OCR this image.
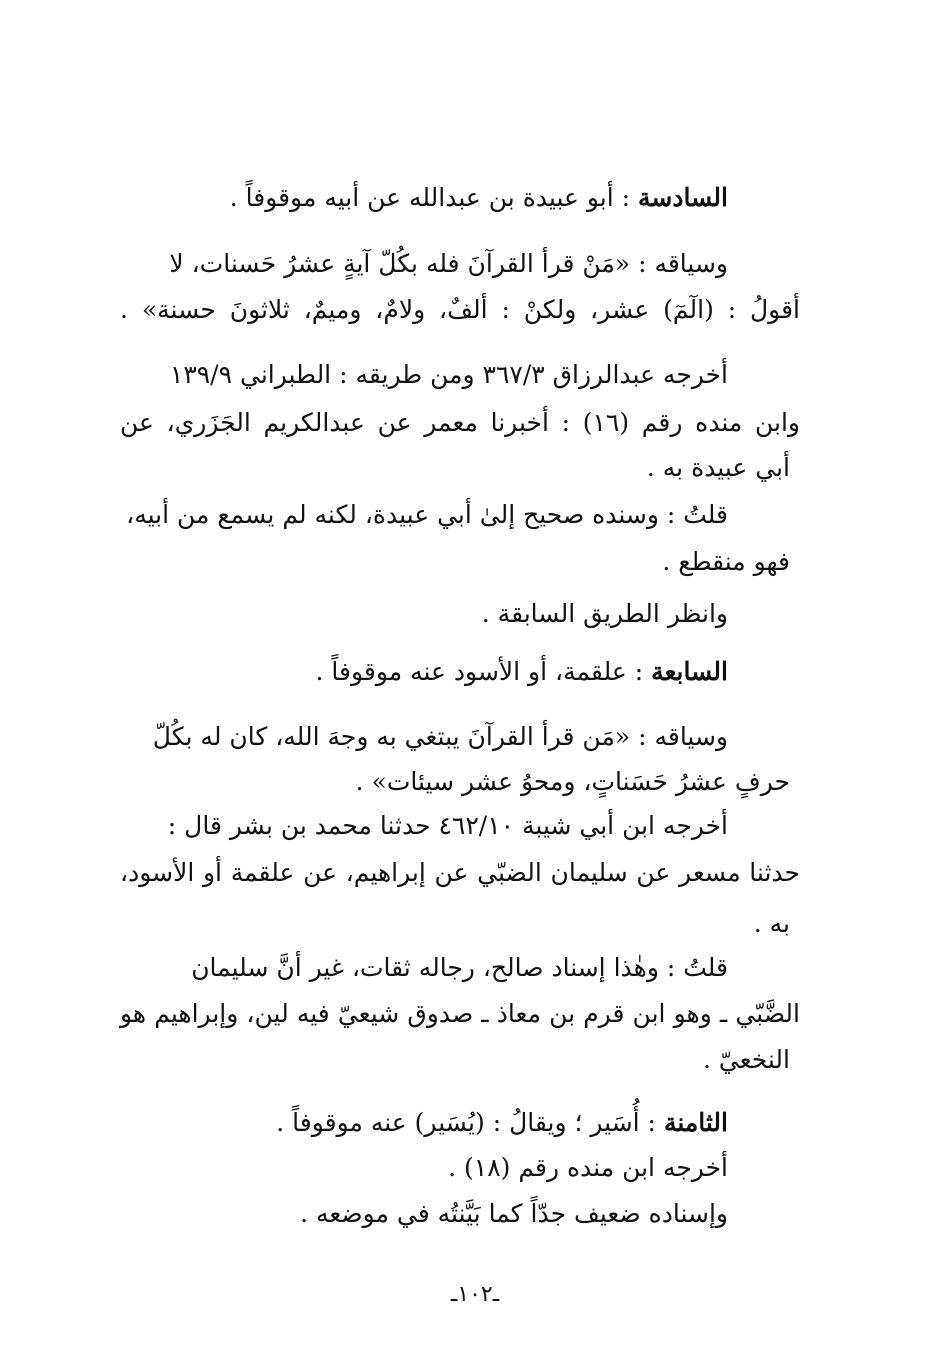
السادسة : أبو عبيدة بن عبدالله عن أبيه موقوفاً .
وسياقه : «مَنْ قرأ القرآنَ فله بكُلّ آيةٍ عشرُ حَسنات، لا
أقولُ : (الٓمٓ) عشر، ولكنْ : ألفٌ، ولامٌ، وميمٌ، ثلاثونَ حسنة» .
أخرجه عبدالرزاق ٣٦٧/٣ ومن طريقه : الطبراني ١٣٩/٩
وابن منده رقم (١٦) : أخبرنا معمر عن عبدالكريم الجَزَري، عن
أبي عبيدة به .
قلتُ : وسنده صحيح إلىٰ أبي عبيدة، لكنه لم يسمع من أبيه،
فهو منقطع .
وانظر الطريق السابقة .
السابعة : علقمة، أو الأسود عنه موقوفاً .
وسياقه : «مَن قرأ القرآنَ يبتغي به وجهَ الله، كان له بكُلّ
حرفٍ عشرُ حَسَناتٍ، ومحوُ عشر سيئات» .
أخرجه ابن أبي شيبة ٤٦٢/١٠ حدثنا محمد بن بشر قال :
حدثنا مسعر عن سليمان الضبّي عن إبراهيم، عن علقمة أو الأسود،
به .
قلتُ : وهٰذا إسناد صالح، رجاله ثقات، غير أنَّ سليمان
الضَّبّي ـ وهو ابن قرم بن معاذ ـ صدوق شيعيّ فيه لين، وإبراهيم هو
النخعيّ .
الثامنة : أُسَير ؛ ويقالُ : (يُسَير) عنه موقوفاً .
أخرجه ابن منده رقم (١٨) .
وإسناده ضعيف جدّاً كما بَيَّنتُه في موضعه .
ـ١٠٢ـ
